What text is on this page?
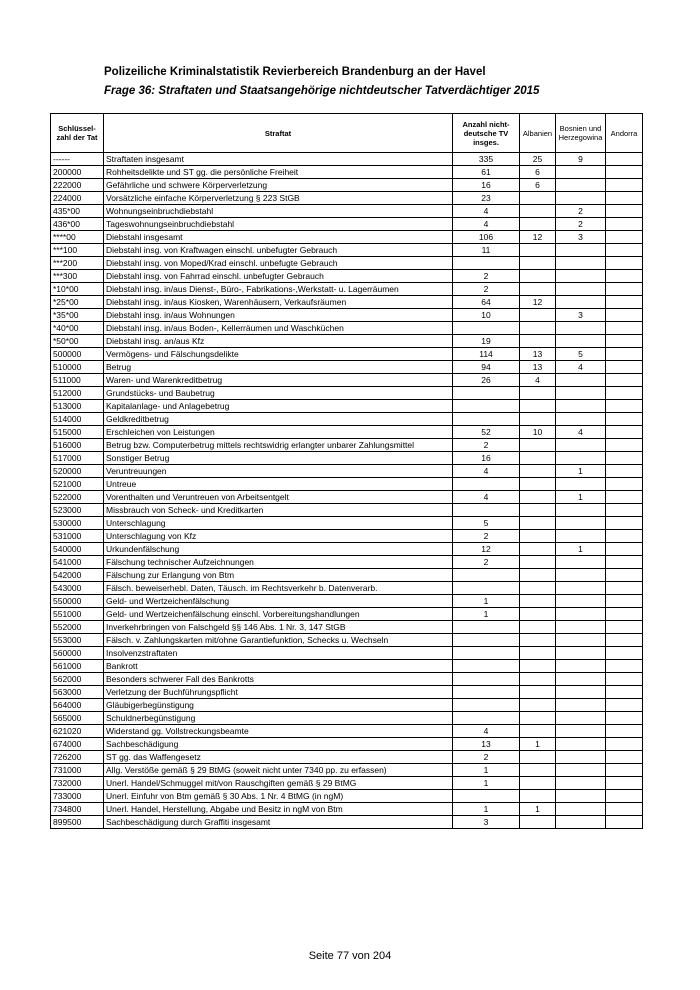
Polizeiliche Kriminalstatistik Revierbereich Brandenburg an der Havel
Frage 36: Straftaten und Staatsangehörige nichtdeutscher Tatverdächtiger 2015
Schlüssel-zahl der Tat	Straftat	Anzahl nicht-deutsche TV insges.	Albanien	Bosnien und Herzegowina	Andorra
------	Straftaten insgesamt	335	25	9	
200000	Rohheitsdelikte und ST gg. die persönliche Freiheit	61	6		
222000	Gefährliche und schwere Körperverletzung	16	6		
224000	Vorsätzliche einfache Körperverletzung § 223 StGB	23			
435*00	Wohnungseinbruchdiebstahl	4		2	
436*00	Tageswohnungseinbruchdiebstahl	4		2	
****00	Diebstahl insgesamt	106	12	3	
***100	Diebstahl insg. von Kraftwagen einschl. unbefugter Gebrauch	11			
***200	Diebstahl insg. von Moped/Krad einschl. unbefugte Gebrauch				
***300	Diebstahl insg. von Fahrrad einschl. unbefugter Gebrauch	2			
*10*00	Diebstahl insg. in/aus Dienst-, Büro-, Fabrikations-,Werkstatt- u. Lagerräumen	2			
*25*00	Diebstahl insg. in/aus Kiosken, Warenhäusern, Verkaufsräumen	64	12		
*35*00	Diebstahl insg. in/aus Wohnungen	10		3	
*40*00	Diebstahl insg. in/aus Boden-, Kellerräumen und Waschküchen				
*50*00	Diebstahl insg. an/aus Kfz	19			
500000	Vermögens- und Fälschungsdelikte	114	13	5	
510000	Betrug	94	13	4	
511000	Waren- und Warenkreditbetrug	26	4		
512000	Grundstücks- und Baubetrug				
513000	Kapitalanlage- und Anlagebetrug				
514000	Geldkreditbetrug				
515000	Erschleichen von Leistungen	52	10	4	
516000	Betrug bzw. Computerbetrug mittels rechtswidrig erlangter unbarer Zahlungsmittel	2			
517000	Sonstiger Betrug	16			
520000	Veruntreuungen	4		1	
521000	Untreue				
522000	Vorenthalten und Veruntreuen von Arbeitsentgelt	4		1	
523000	Missbrauch von Scheck- und Kreditkarten				
530000	Unterschlagung	5			
531000	Unterschlagung von Kfz	2			
540000	Urkundenfälschung	12		1	
541000	Fälschung technischer Aufzeichnungen	2			
542000	Fälschung zur Erlangung von Btm				
543000	Fälsch. beweiserhebl. Daten, Täusch. im Rechtsverkehr b. Datenverarb.				
550000	Geld- und Wertzeichenfälschung	1			
551000	Geld- und Wertzeichenfälschung einschl. Vorbereitungshandlungen	1			
552000	Inverkehrbringen von Falschgeld §§ 146 Abs. 1 Nr. 3, 147 StGB				
553000	Fälsch. v. Zahlungskarten mit/ohne Garantiefunktion, Schecks u. Wechseln				
560000	Insolvenzstraftaten				
561000	Bankrott				
562000	Besonders schwerer Fall des Bankrotts				
563000	Verletzung der Buchführungspflicht				
564000	Gläubigerbegünstigung				
565000	Schuldnerbegünstigung				
621020	Widerstand gg. Vollstreckungsbeamte	4			
674000	Sachbeschädigung	13	1		
726200	ST gg. das Waffengesetz	2			
731000	Allg. Verstöße gemäß § 29 BtMG (soweit nicht unter 7340 pp. zu erfassen)	1			
732000	Unerl. Handel/Schmuggel mit/von Rauschgiften gemäß § 29 BtMG	1			
733000	Unerl. Einfuhr von Btm gemäß § 30 Abs. 1 Nr. 4 BtMG (in ngM)				
734800	Unerl. Handel, Herstellung, Abgabe und Besitz in ngM von Btm	1	1		
899500	Sachbeschädigung durch Graffiti insgesamt	3			
Seite 77 von 204
